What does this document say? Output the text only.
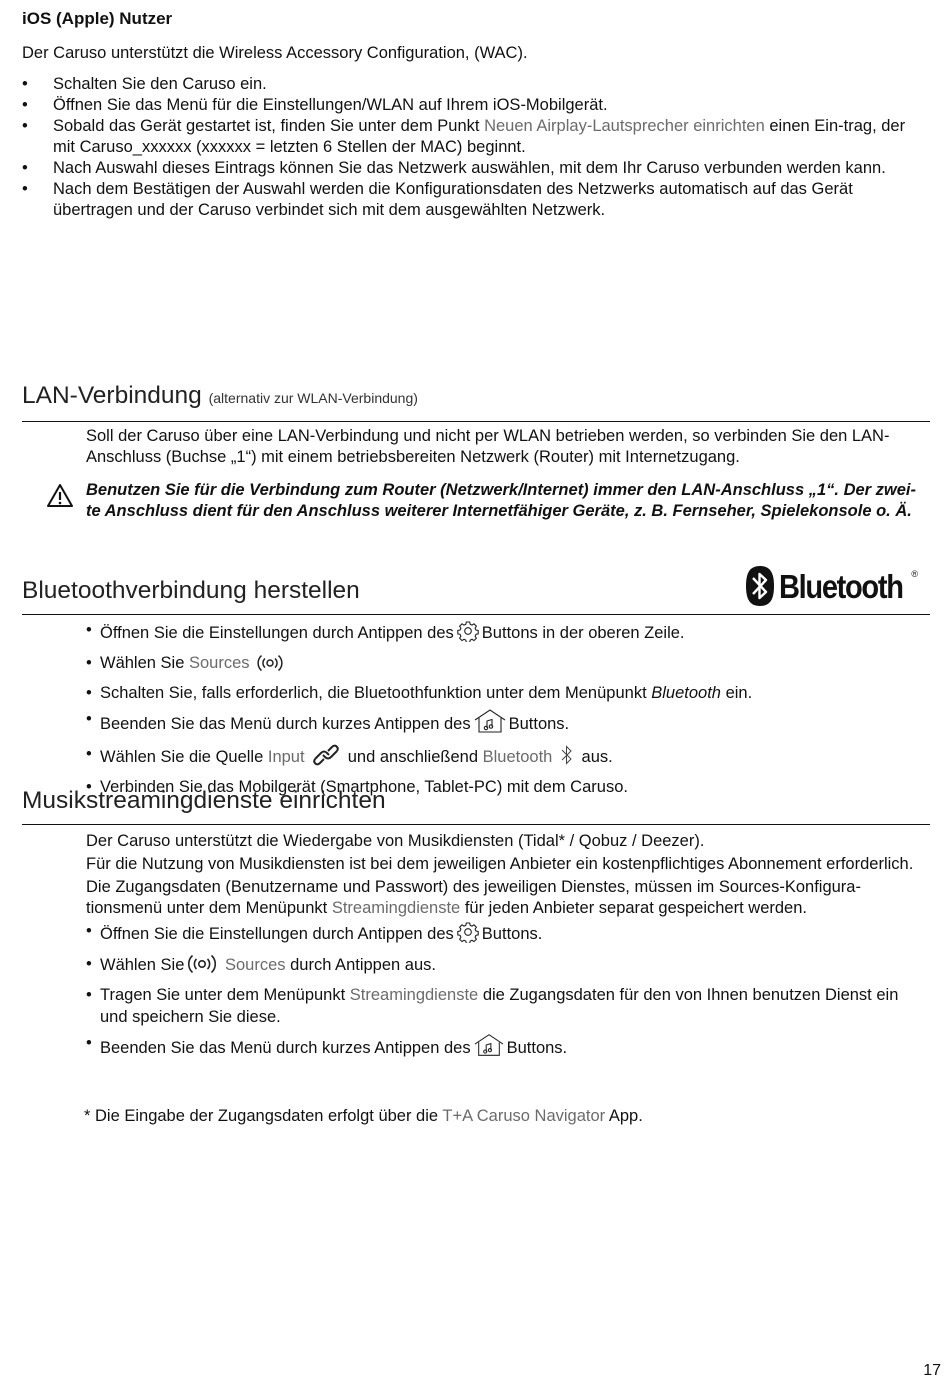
iOS (Apple) Nutzer
Der Caruso unterstützt die Wireless Accessory Configuration, (WAC).
• Schalten Sie den Caruso ein.
• Öffnen Sie das Menü für die Einstellungen/WLAN auf Ihrem iOS-Mobilgerät.
• Sobald das Gerät gestartet ist, finden Sie unter dem Punkt Neuen Airplay-Lautsprecher einrichten einen Ein-trag, der mit Caruso_xxxxxx (xxxxxx = letzten 6 Stellen der MAC) beginnt.
• Nach Auswahl dieses Eintrags können Sie das Netzwerk auswählen, mit dem Ihr Caruso verbunden werden kann.
• Nach dem Bestätigen der Auswahl werden die Konfigurationsdaten des Netzwerks automatisch auf das Gerät übertragen und der Caruso verbindet sich mit dem ausgewählten Netzwerk.
LAN-Verbindung (alternativ zur WLAN-Verbindung)

Soll der Caruso über eine LAN-Verbindung und nicht per WLAN betrieben werden, so verbinden Sie den LAN-Anschluss (Buchse „1“) mit einem betriebsbereiten Netzwerk (Router) mit Internetzugang.

Benutzen Sie für die Verbindung zum Router (Netzwerk/Internet) immer den LAN-Anschluss „1“. Der zwei-te Anschluss dient für den Anschluss weiterer Internetfähiger Geräte, z. B. Fernseher, Spielekonsole o. Ä.
Bluetoothverbindung herstellen	Bluetooth ®
• Öffnen Sie die Einstellungen durch Antippen des Buttons in der oberen Zeile.
• Wählen Sie Sources
• Schalten Sie, falls erforderlich, die Bluetoothfunktion unter dem Menüpunkt Bluetooth ein.
• Beenden Sie das Menü durch kurzes Antippen des Buttons.
• Wählen Sie die Quelle Input	und anschließend Bluetooth aus.
• Verbinden Sie das Mobilgerät (Smartphone, Tablet-PC) mit dem Caruso.
Musikstreamingdienste einrichten

Der Caruso unterstützt die Wiedergabe von Musikdiensten (Tidal* / Qobuz / Deezer).

Für die Nutzung von Musikdiensten ist bei dem jeweiligen Anbieter ein kostenpflichtiges Abonnement erforderlich.

Die Zugangsdaten (Benutzername und Passwort) des jeweiligen Dienstes, müssen im Sources-Konfigura-tionsmenü unter dem Menüpunkt Streamingdienste für jeden Anbieter separat gespeichert werden.

• Öffnen Sie die Einstellungen durch Antippen des Buttons.
• Wählen Sie Sources durch Antippen aus.
• Tragen Sie unter dem Menüpunkt Streamingdienste die Zugangsdaten für den von Ihnen benutzen Dienst ein und speichern Sie diese.
• Beenden Sie das Menü durch kurzes Antippen des Buttons.
* Die Eingabe der Zugangsdaten erfolgt über die T+A Caruso Navigator App.
17
